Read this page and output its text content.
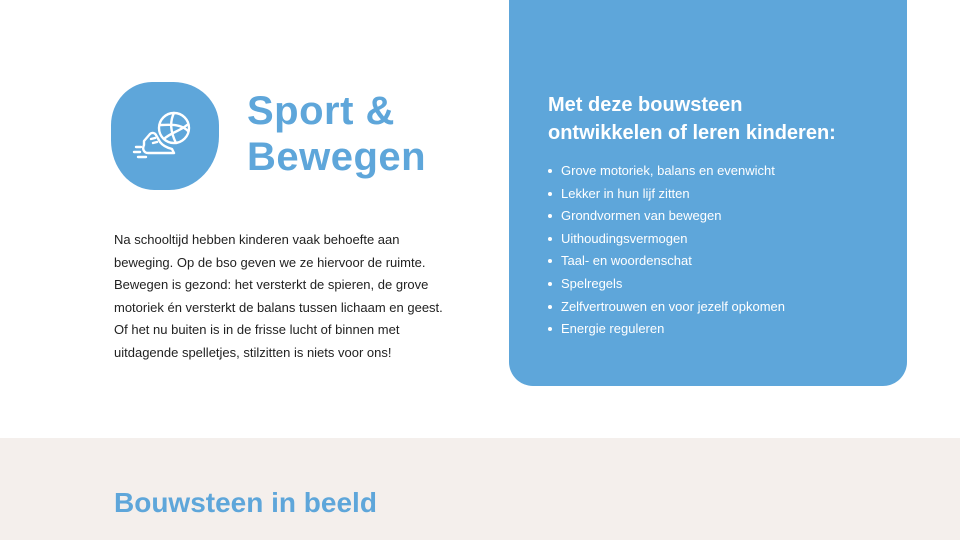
Sport &
Bewegen

Na schooltijd hebben kinderen vaak behoefte aan beweging. Op de bso geven we ze hiervoor de ruimte. Bewegen is gezond: het versterkt de spieren, de grove motoriek én versterkt de balans tussen lichaam en geest. Of het nu buiten is in de frisse lucht of binnen met uitdagende spelletjes, stilzitten is niets voor ons!

Met deze bouwsteen
ontwikkelen of leren kinderen:
Grove motoriek, balans en evenwicht
Lekker in hun lijf zitten
Grondvormen van bewegen
Uithoudingsvermogen
Taal- en woordenschat
Spelregels
Zelfvertrouwen en voor jezelf opkomen
Energie reguleren
Bouwsteen in beeld
